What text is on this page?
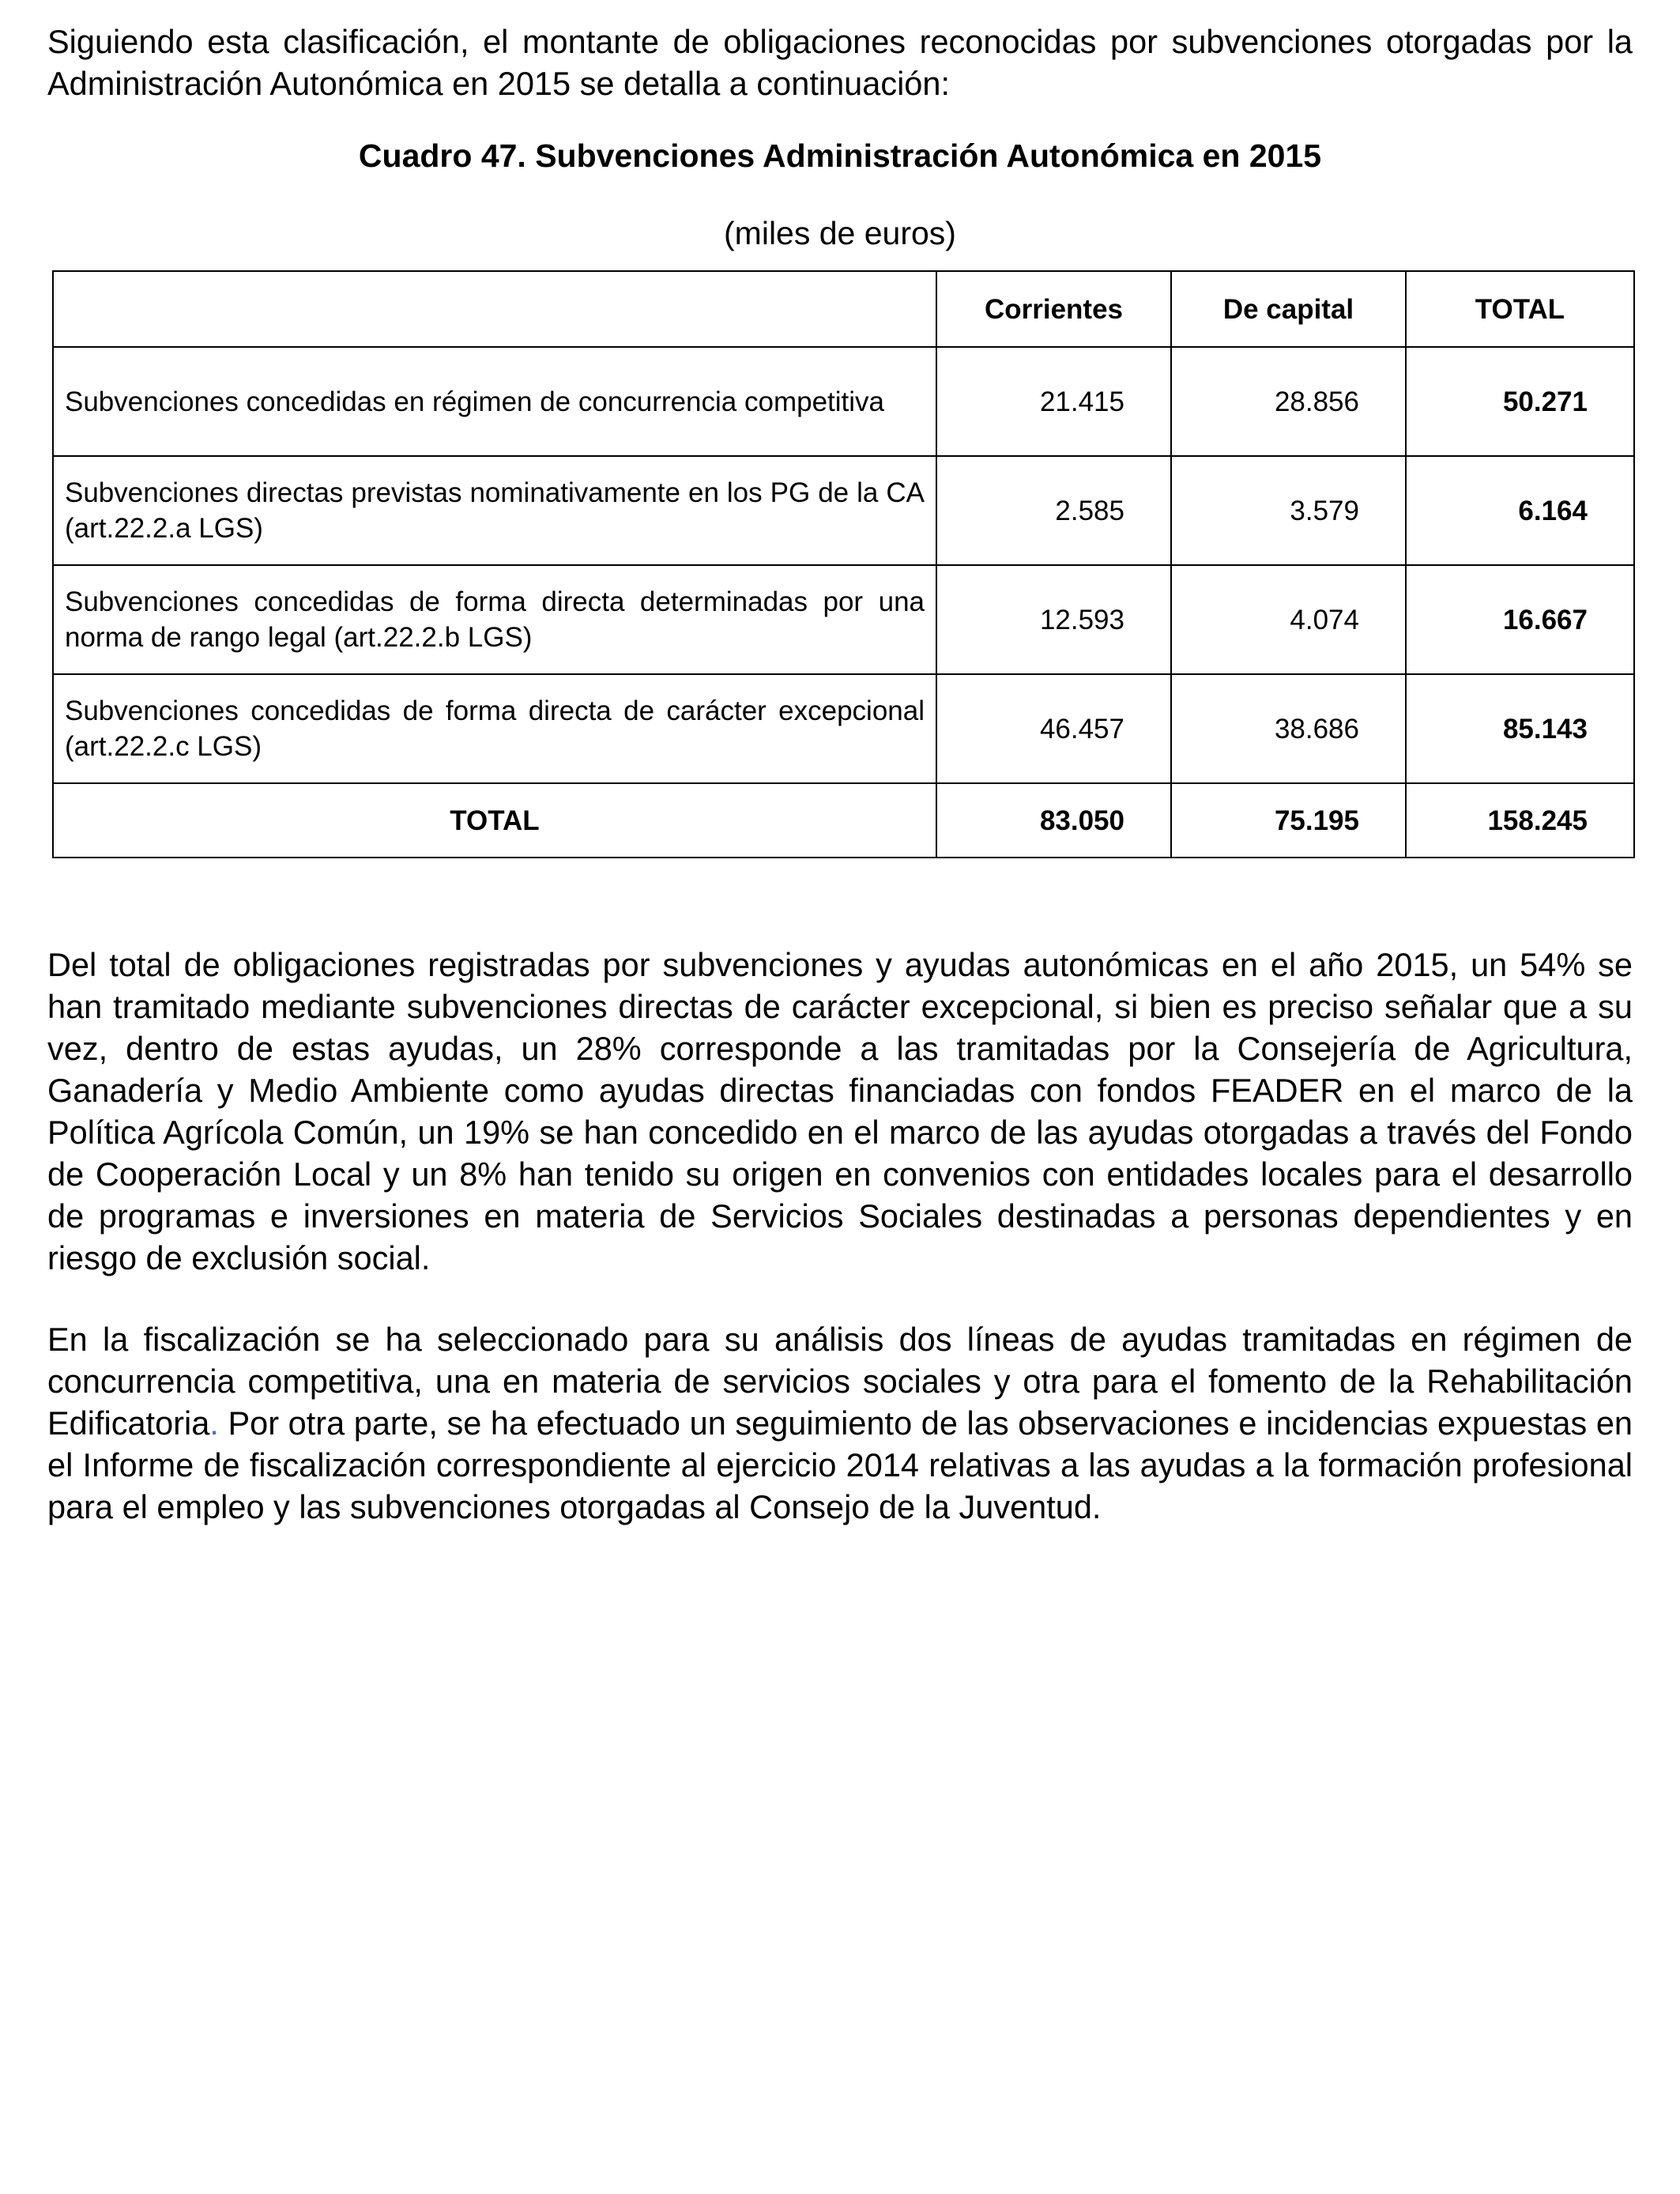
Siguiendo esta clasificación, el montante de obligaciones reconocidas por subvenciones otorgadas por la Administración Autonómica en 2015 se detalla a continuación:

Cuadro 47. Subvenciones Administración Autonómica en 2015

(miles de euros)

	Corrientes	De capital	TOTAL
Subvenciones concedidas en régimen de concurrencia competitiva	21.415	28.856	50.271
Subvenciones directas previstas nominativamente en los PG de la CA (art.22.2.a LGS)	2.585	3.579	6.164
Subvenciones concedidas de forma directa determinadas por una norma de rango legal (art.22.2.b LGS)	12.593	4.074	16.667
Subvenciones concedidas de forma directa de carácter excepcional (art.22.2.c LGS)	46.457	38.686	85.143
TOTAL	83.050	75.195	158.245

Del total de obligaciones registradas por subvenciones y ayudas autonómicas en el año 2015, un 54% se han tramitado mediante subvenciones directas de carácter excepcional, si bien es preciso señalar que a su vez, dentro de estas ayudas, un 28% corresponde a las tramitadas por la Consejería de Agricultura, Ganadería y Medio Ambiente como ayudas directas financiadas con fondos FEADER en el marco de la Política Agrícola Común, un 19% se han concedido en el marco de las ayudas otorgadas a través del Fondo de Cooperación Local y un 8% han tenido su origen en convenios con entidades locales para el desarrollo de programas e inversiones en materia de Servicios Sociales destinadas a personas dependientes y en riesgo de exclusión social.

En la fiscalización se ha seleccionado para su análisis dos líneas de ayudas tramitadas en régimen de concurrencia competitiva, una en materia de servicios sociales y otra para el fomento de la Rehabilitación Edificatoria. Por otra parte, se ha efectuado un seguimiento de las observaciones e incidencias expuestas en el Informe de fiscalización correspondiente al ejercicio 2014 relativas a las ayudas a la formación profesional para el empleo y las subvenciones otorgadas al Consejo de la Juventud.
